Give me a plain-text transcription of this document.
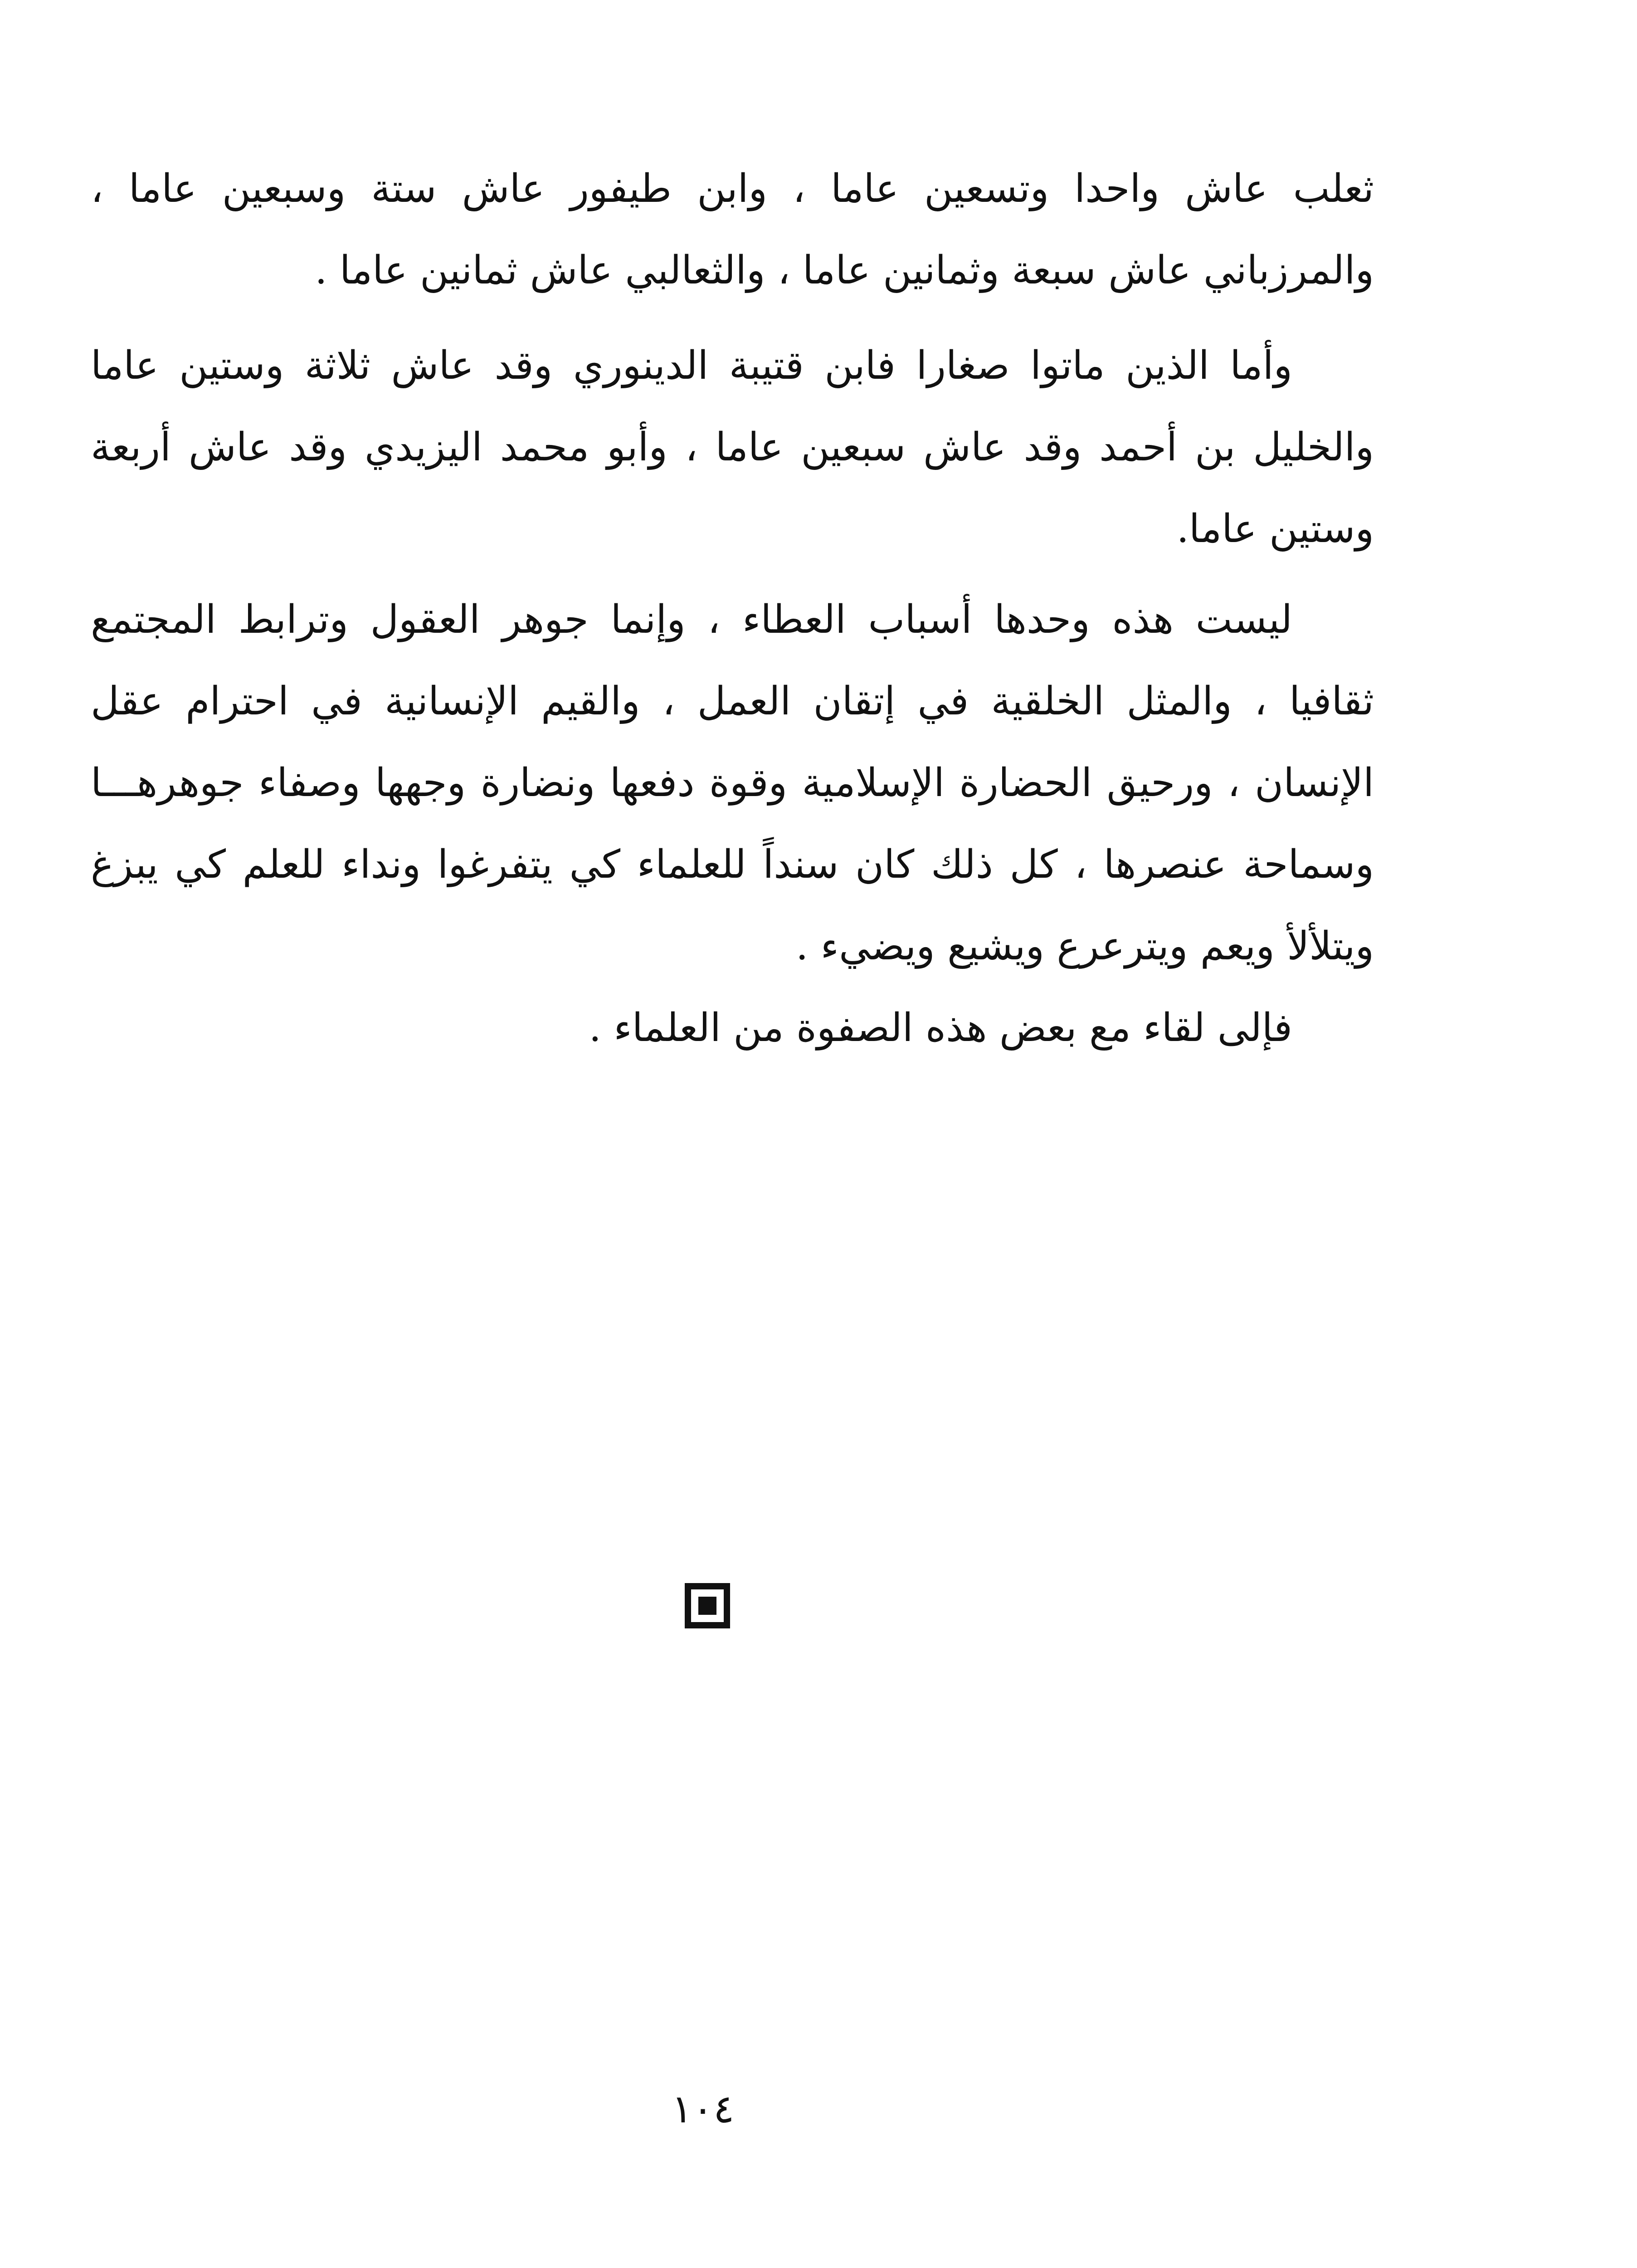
ثعلب عاش واحدا وتسعين عاما ، وابن طيفور عاش ستة وسبعين عاما ، والمرزباني عاش سبعة وثمانين عاما ، والثعالبي عاش ثمانين عاما .

وأما الذين ماتوا صغارا فابن قتيبة الدينوري وقد عاش ثلاثة وستين عاما والخليل بن أحمد وقد عاش سبعين عاما ، وأبو محمد اليزيدي وقد عاش أربعة وستين عاما.

ليست هذه وحدها أسباب العطاء ، وإنما جوهر العقول وترابط المجتمع ثقافيا ، والمثل الخلقية في إتقان العمل ، والقيم الإنسانية في احترام عقل الإنسان ، ورحيق الحضارة الإسلامية وقوة دفعها ونضارة وجهها وصفاء جوهرهـــا وسماحة عنصرها ، كل ذلك كان سنداً للعلماء كي يتفرغوا ونداء للعلم كي يبزغ ويتلألأ ويعم ويترعرع ويشيع ويضيء .

فإلى لقاء مع بعض هذه الصفوة من العلماء .

١٠٤
